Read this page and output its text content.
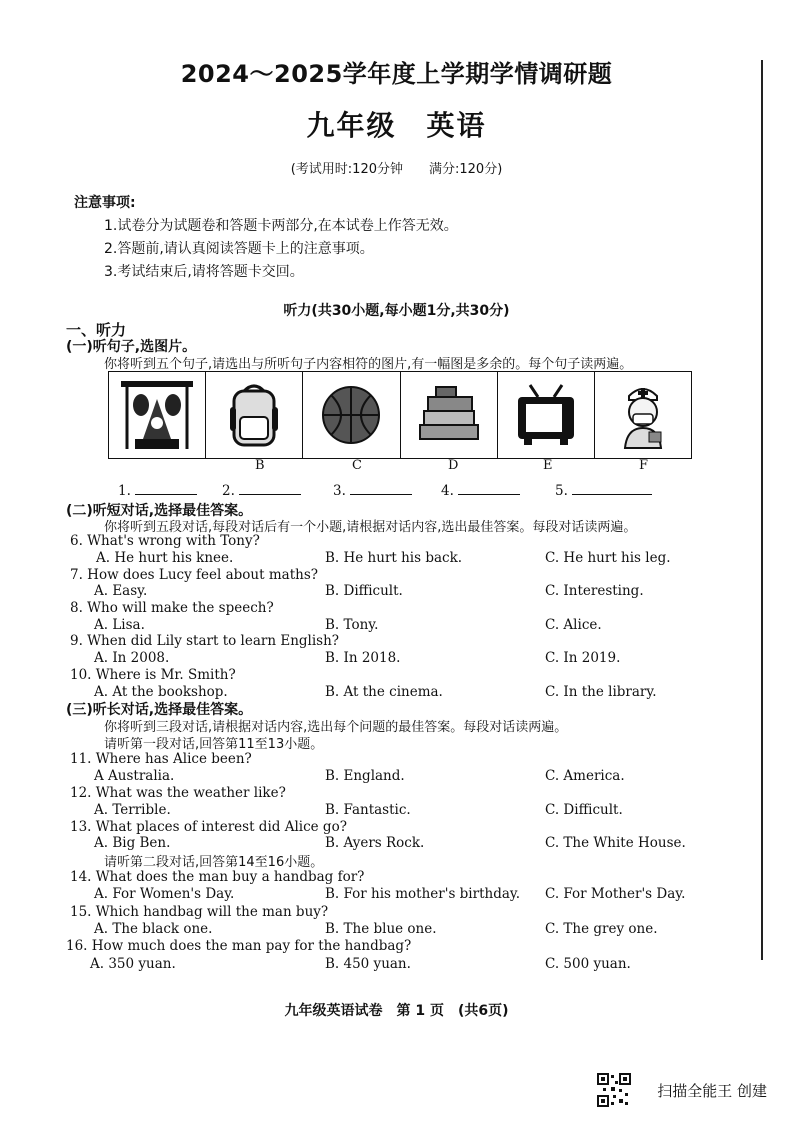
2024～2025学年度上学期学情调研题
九年级　英语
(考试用时:120分钟　　满分:120分)
注意事项:
1.试卷分为试题卷和答题卡两部分,在本试卷上作答无效。
2.答题前,请认真阅读答题卡上的注意事项。
3.考试结束后,请将答题卡交回。
听力(共30小题,每小题1分,共30分)
一、听力
(一)听句子,选图片。
你将听到五个句子,请选出与所听句子内容相符的图片,有一幅图是多余的。每个句子读两遍。
B	C	D	E	F
1.	2.	3.	4.	5.
(二)听短对话,选择最佳答案。
你将听到五段对话,每段对话后有一个小题,请根据对话内容,选出最佳答案。每段对话读两遍。
6. What's wrong with Tony?
A. He hurt his knee.	B. He hurt his back.	C. He hurt his leg.
7. How does Lucy feel about maths?
A. Easy.	B. Difficult.	C. Interesting.
8. Who will make the speech?
A. Lisa.	B. Tony.	C. Alice.
9. When did Lily start to learn English?
A. In 2008.	B. In 2018.	C. In 2019.
10. Where is Mr. Smith?
A. At the bookshop.	B. At the cinema.	C. In the library.
(三)听长对话,选择最佳答案。
你将听到三段对话,请根据对话内容,选出每个问题的最佳答案。每段对话读两遍。
请听第一段对话,回答第11至13小题。
11. Where has Alice been?
A Australia.	B. England.	C. America.
12. What was the weather like?
A. Terrible.	B. Fantastic.	C. Difficult.
13. What places of interest did Alice go?
A. Big Ben.	B. Ayers Rock.	C. The White House.
请听第二段对话,回答第14至16小题。
14. What does the man buy a handbag for?
A. For Women's Day.	B. For his mother's birthday. C. For Mother's Day.
15. Which handbag will the man buy?
A. The black one.	B. The blue one.	C. The grey one.
16. How much does the man pay for the handbag?
A. 350 yuan.	B. 450 yuan.	C. 500 yuan.
九年级英语试卷　第 1 页　(共6页)
扫描全能王 创建
